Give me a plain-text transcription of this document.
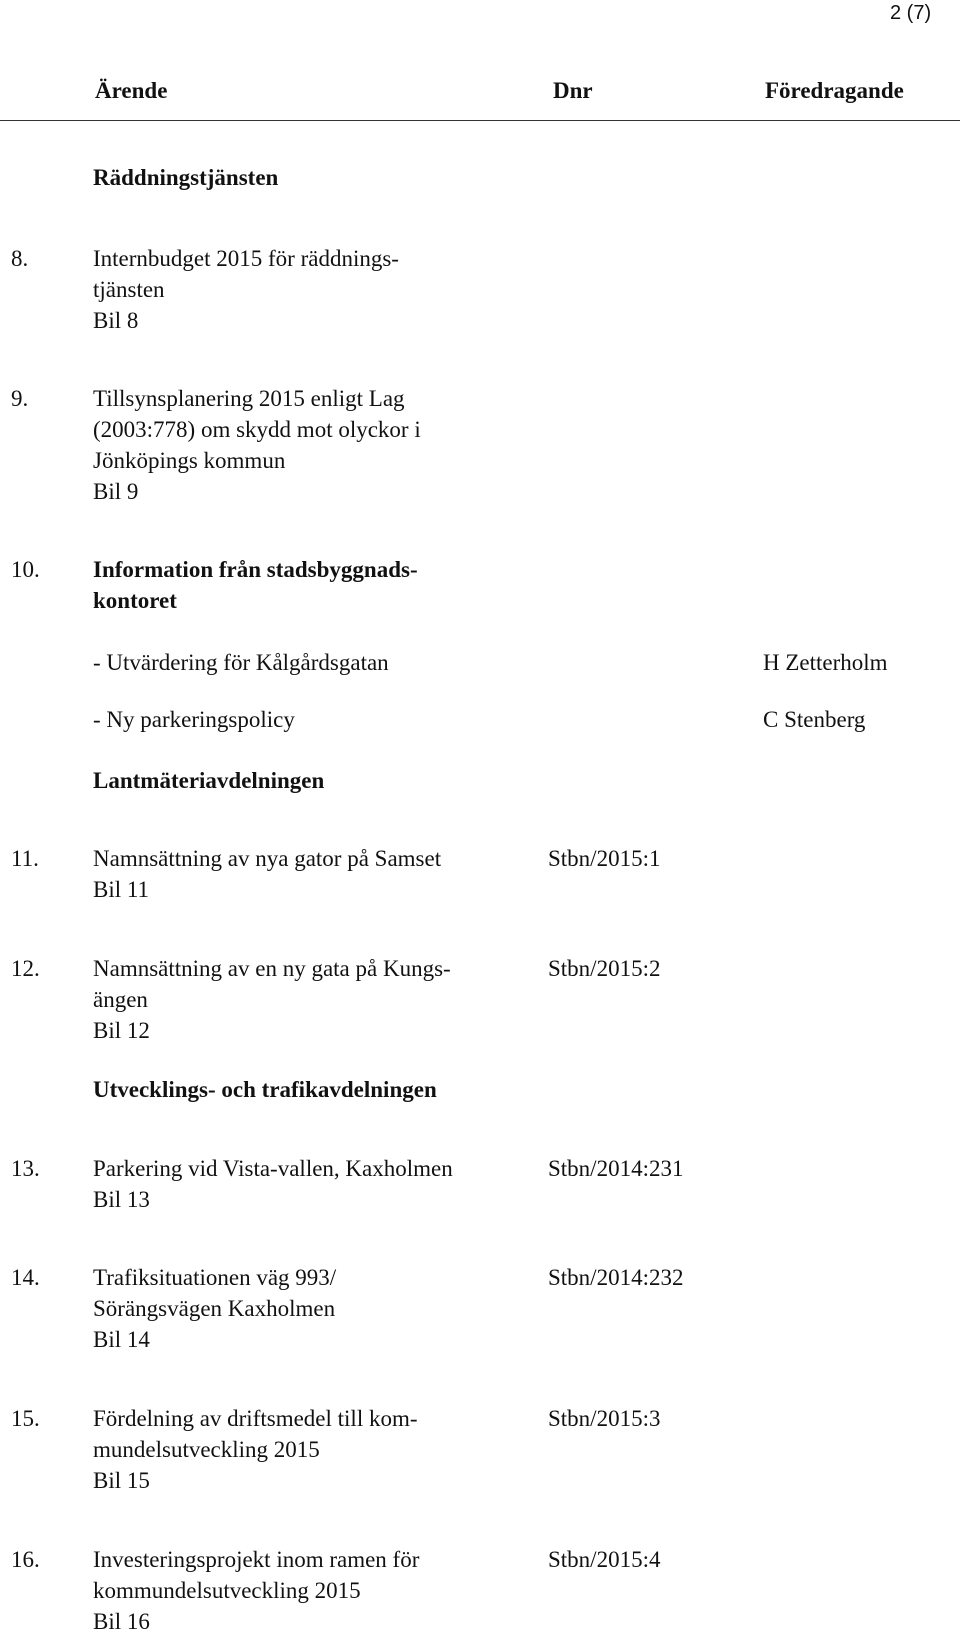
2 (7)
Ärende	Dnr	Föredragande
Räddningstjänsten
8.	Internbudget 2015 för räddnings-
tjänsten
Bil 8
9.	Tillsynsplanering 2015 enligt Lag
(2003:778) om skydd mot olyckor i
Jönköpings kommun
Bil 9
10. Information från stadsbyggnads-
kontoret
- Utvärdering för Kålgårdsgatan	H Zetterholm
- Ny parkeringspolicy	C Stenberg
Lantmäteriavdelningen
11. Namnsättning av nya gator på Samset
Bil 11
Stbn/2015:1
12. Namnsättning av en ny gata på Kungs-
ängen
Bil 12
Stbn/2015:2
Utvecklings- och trafikavdelningen
13. Parkering vid Vista-vallen, Kaxholmen
Bil 13
Stbn/2014:231
14. Trafiksituationen väg 993/
Sörängsvägen Kaxholmen
Bil 14
Stbn/2014:232
15. Fördelning av driftsmedel till kom-
mundelsutveckling 2015
Bil 15
Stbn/2015:3
16. Investeringsprojekt inom ramen för
kommundelsutveckling 2015
Bil 16
Stbn/2015:4
